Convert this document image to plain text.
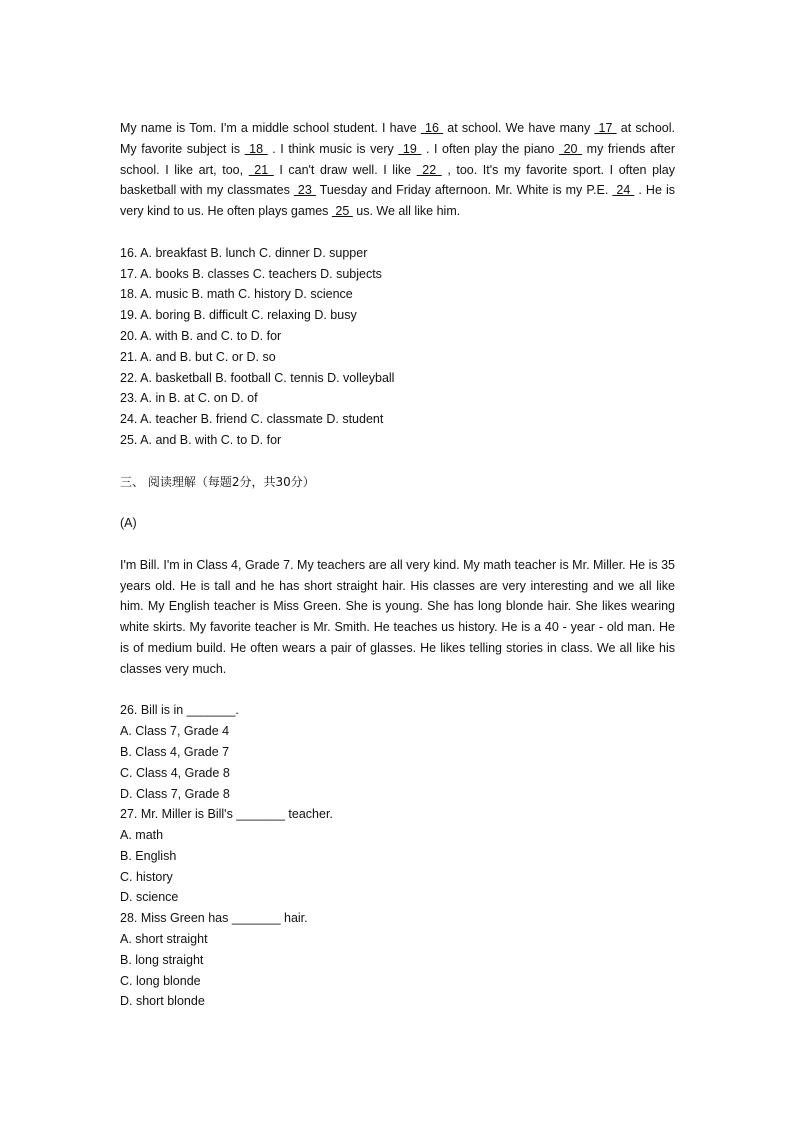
My name is Tom. I'm a middle school student. I have  16  at school. We have many  17  at school. My favorite subject is  18  . I think music is very  19  . I often play the piano  20  my friends after school. I like art, too,  21  I can't draw well. I like  22  , too. It's my favorite sport. I often play basketball with my classmates  23  Tuesday and Friday afternoon. Mr. White is my P.E.  24  . He is very kind to us. He often plays games  25  us. We all like him.

16. A. breakfast B. lunch C. dinner D. supper

17. A. books B. classes C. teachers D. subjects

18. A. music B. math C. history D. science

19. A. boring B. difficult C. relaxing D. busy

20. A. with B. and C. to D. for

21. A. and B. but C. or D. so

22. A. basketball B. football C. tennis D. volleyball

23. A. in B. at C. on D. of

24. A. teacher B. friend C. classmate D. student

25. A. and B. with C. to D. for

三、 阅读理解（每题2分，共30分）

(A)

I'm Bill. I'm in Class 4, Grade 7. My teachers are all very kind. My math teacher is Mr. Miller. He is 35 years old. He is tall and he has short straight hair. His classes are very interesting and we all like him. My English teacher is Miss Green. She is young. She has long blonde hair. She likes wearing white skirts. My favorite teacher is Mr. Smith. He teaches us history. He is a 40 - year - old man. He is of medium build. He often wears a pair of glasses. He likes telling stories in class. We all like his classes very much.

26. Bill is in _______.

A. Class 7, Grade 4

B. Class 4, Grade 7

C. Class 4, Grade 8

D. Class 7, Grade 8

27. Mr. Miller is Bill's _______ teacher.

A. math

B. English

C. history

D. science

28. Miss Green has _______ hair.

A. short straight

B. long straight

C. long blonde

D. short blonde
